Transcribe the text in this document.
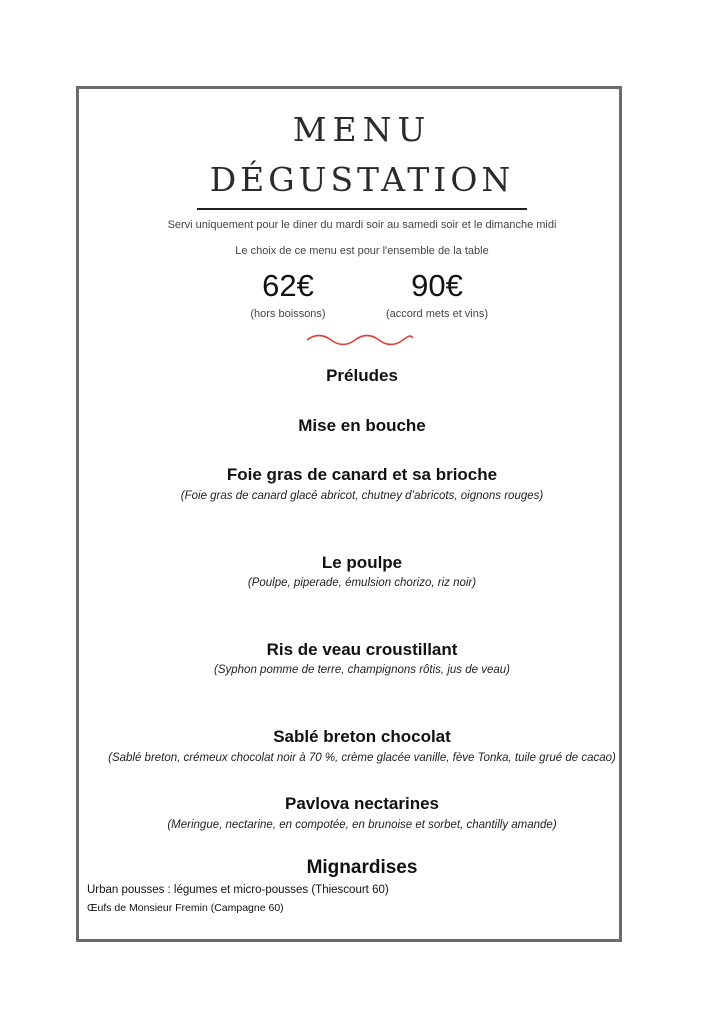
MENU
DÉGUSTATION
Servi uniquement pour le diner du mardi soir au samedi soir et le dimanche midi
Le choix de ce menu est pour l'ensemble de la table
62€
(hors boissons)
90€
(accord mets et vins)
Préludes
Mise en bouche
Foie gras de canard et sa brioche
(Foie gras de canard glacé abricot, chutney d’abricots, oignons rouges)
Le poulpe
(Poulpe, piperade, émulsion chorizo, riz noir)
Ris de veau croustillant
(Syphon pomme de terre, champignons rôtis, jus de veau)
Sablé breton chocolat
(Sablé breton, crémeux chocolat noir à 70 %, crème glacée vanille, fève Tonka, tuile grué de cacao)
Pavlova nectarines
(Meringue, nectarine, en compotée, en brunoise et sorbet, chantilly amande)
Mignardises
Urban pousses : légumes et micro-pousses (Thiescourt 60)
Œufs de Monsieur Fremin (Campagne 60)
